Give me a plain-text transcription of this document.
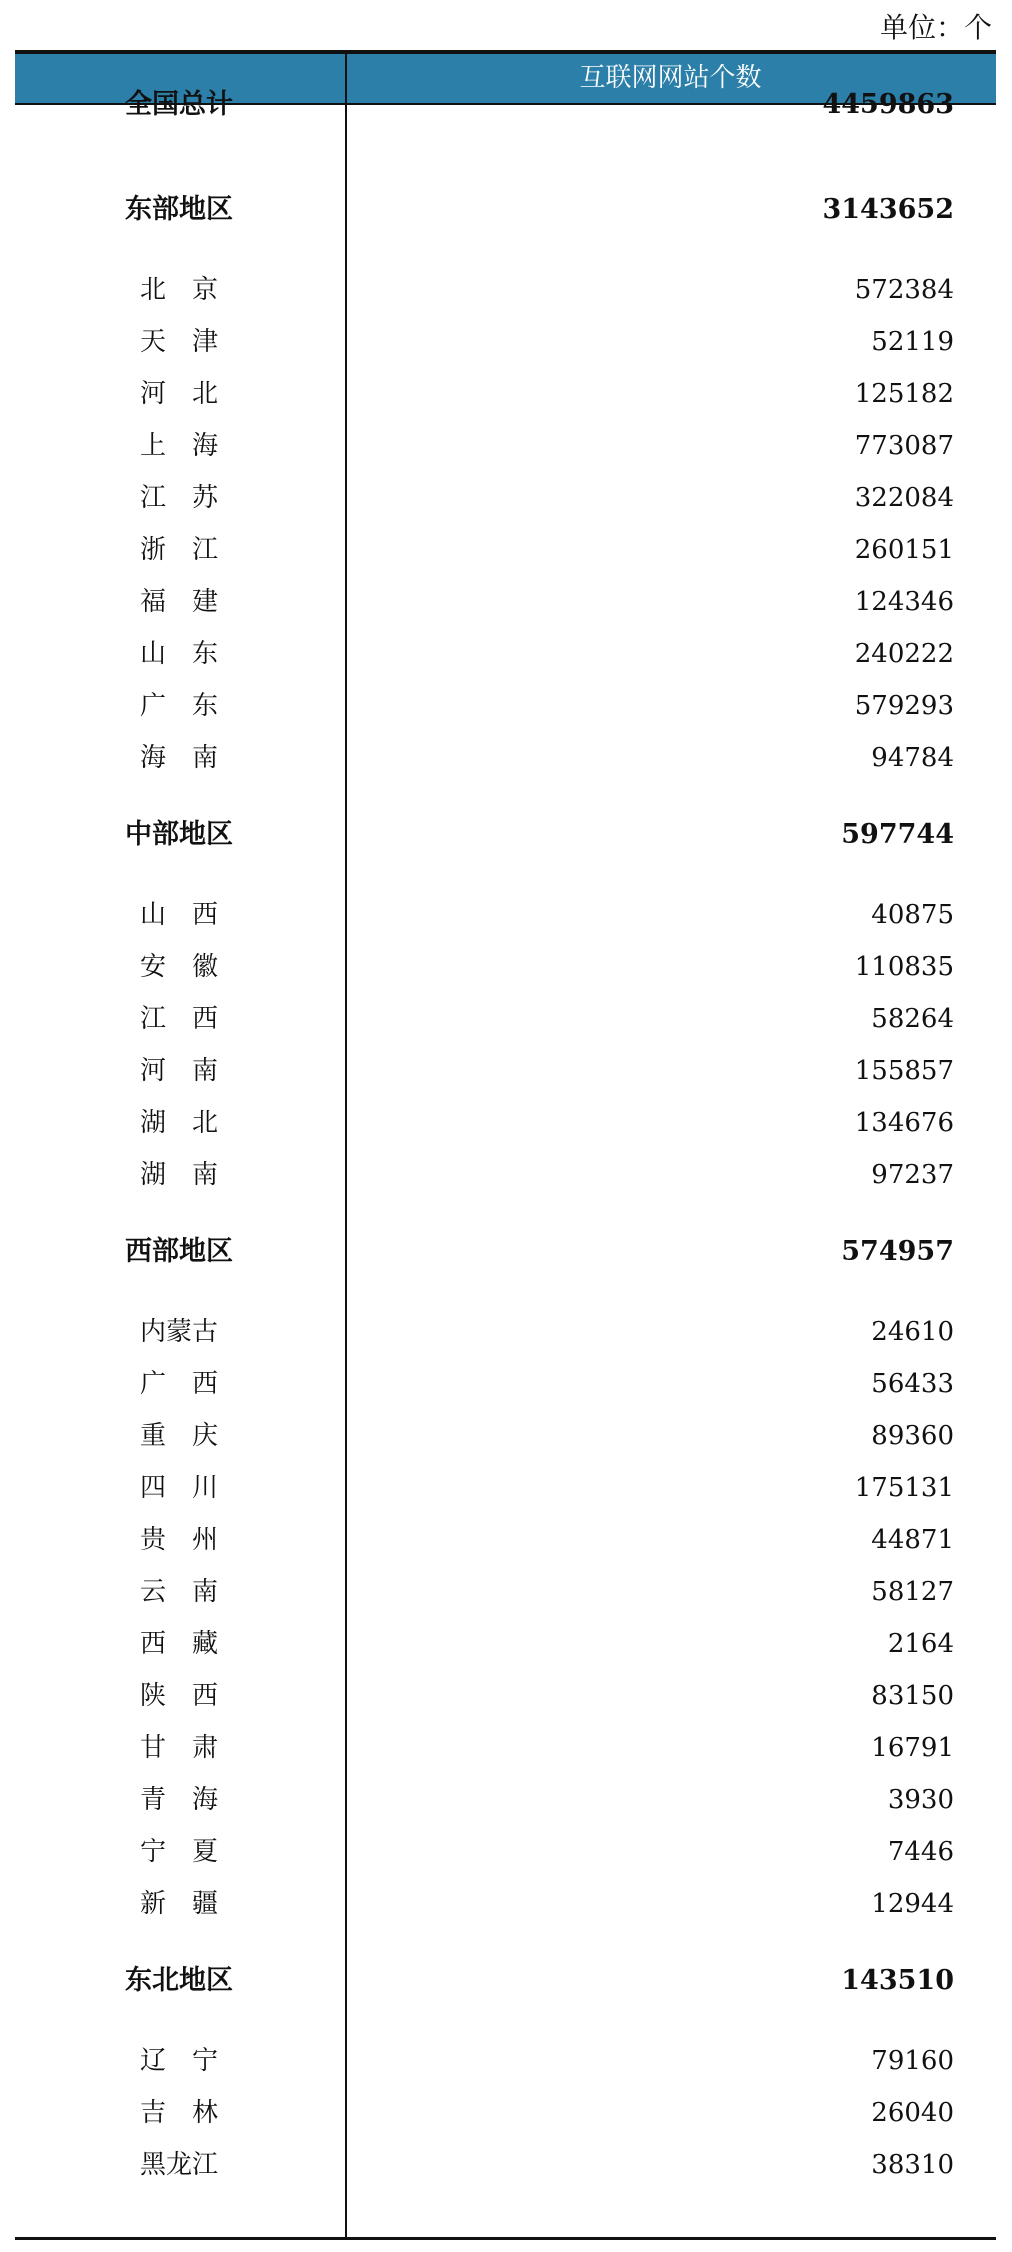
单位：个
互联网网站个数
全国总计	4459863
东部地区	3143652
北　京	572384
天　津	52119
河　北	125182
上　海	773087
江　苏	322084
浙　江	260151
福　建	124346
山　东	240222
广　东	579293
海　南	94784
中部地区	597744
山　西	40875
安　徽	110835
江　西	58264
河　南	155857
湖　北	134676
湖　南	97237
西部地区	574957
内蒙古	24610
广　西	56433
重　庆	89360
四　川	175131
贵　州	44871
云　南	58127
西　藏	2164
陕　西	83150
甘　肃	16791
青　海	3930
宁　夏	7446
新　疆	12944
东北地区	143510
辽　宁	79160
吉　林	26040
黑龙江	38310
